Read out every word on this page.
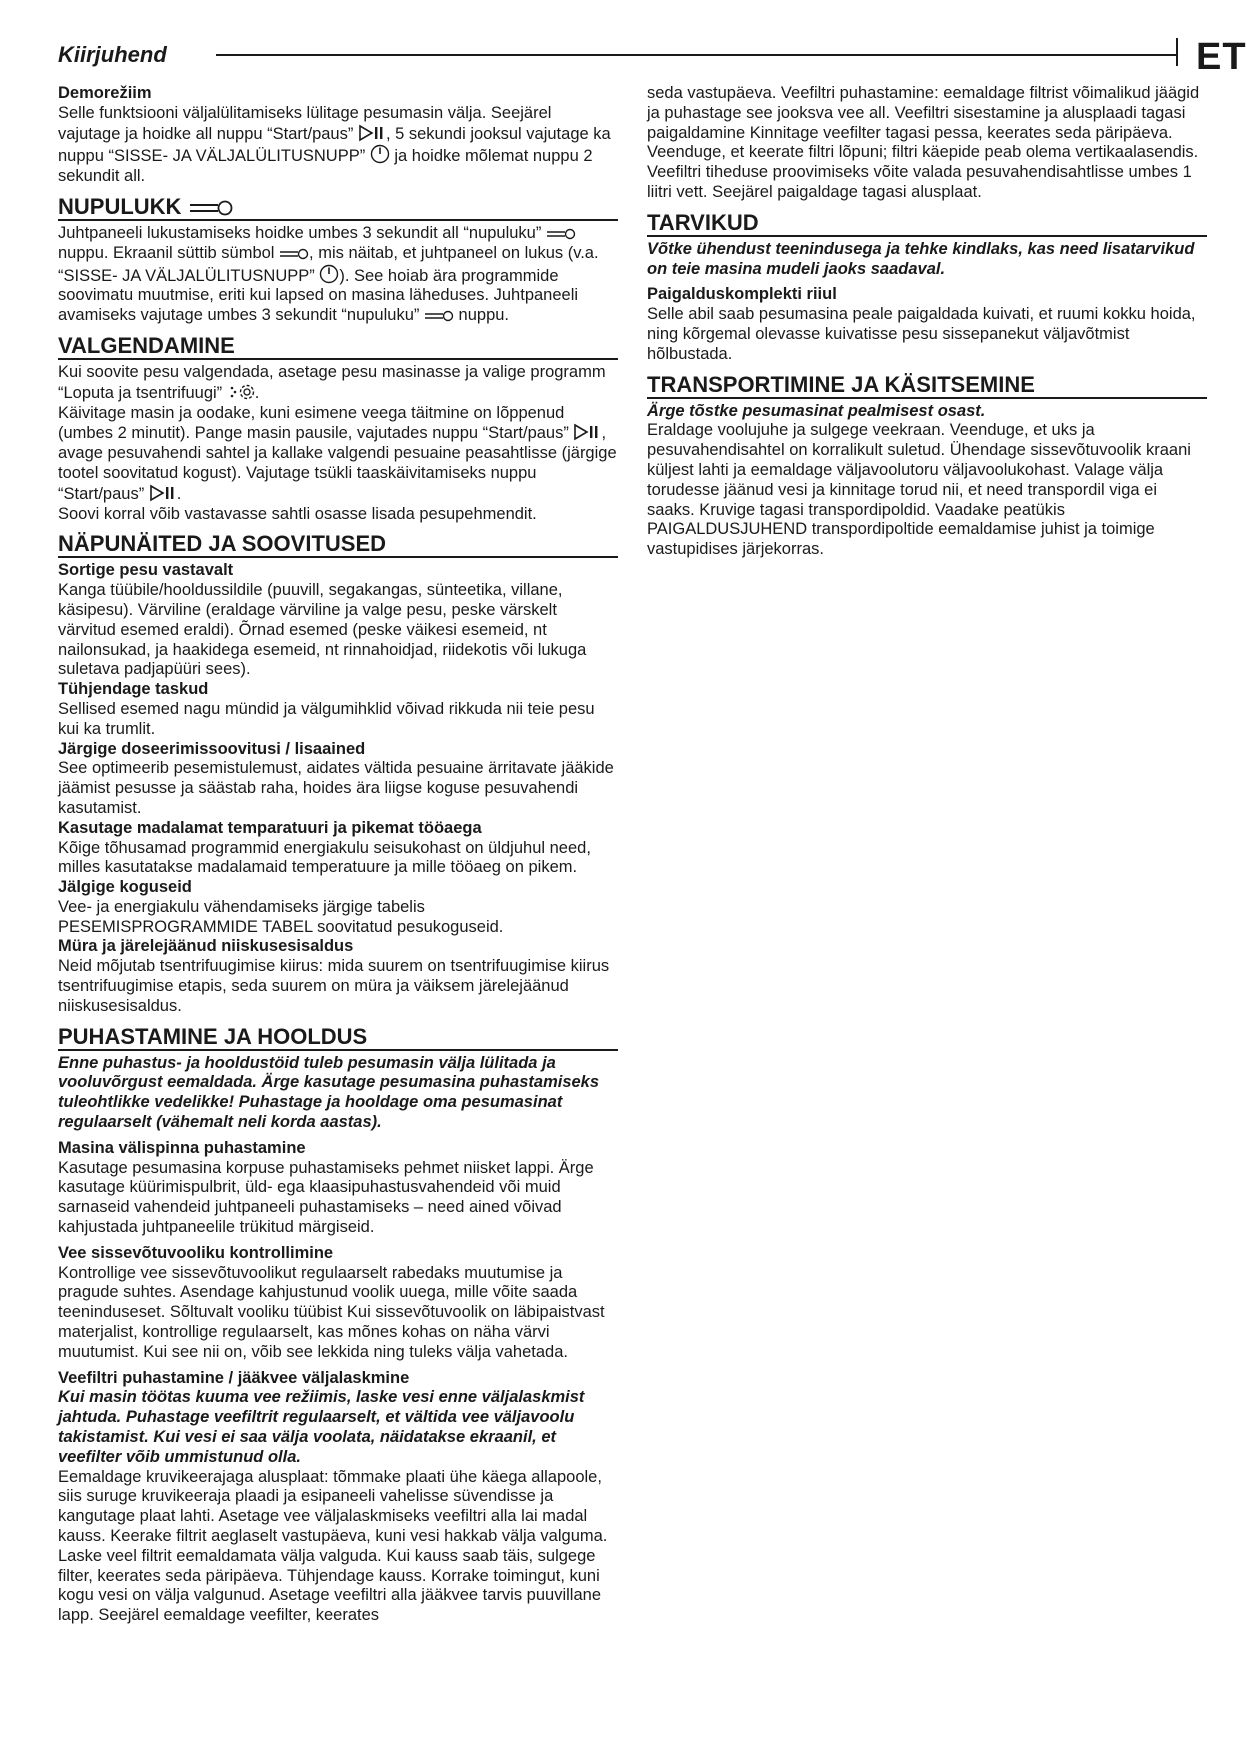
Kiirjuhend	ET

Demorežiim

Selle funktsiooni väljalülitamiseks lülitage pesumasin välja. Seejärel vajutage ja hoidke all nuppu “Start/paus” , 5 sekundi jooksul vajutage ka nuppu “SISSE- JA VÄLJALÜLITUSNUPP”  ja hoidke mõlemat nuppu 2 sekundit all.

NUPULUKK

Juhtpaneeli lukustamiseks hoidke umbes 3 sekundit all “nupuluku”  nuppu. Ekraanil süttib sümbol , mis näitab, et juhtpaneel on lukus (v.a. “SISSE- JA VÄLJALÜLITUSNUPP” ). See hoiab ära programmide soovimatu muutmise, eriti kui lapsed on masina läheduses. Juhtpaneeli avamiseks vajutage umbes 3 sekundit “nupuluku”  nuppu.

VALGENDAMINE

Kui soovite pesu valgendada, asetage pesu masinasse ja valige programm “Loputa ja tsentrifuugi” .

Käivitage masin ja oodake, kuni esimene veega täitmine on lõppenud (umbes 2 minutit). Pange masin pausile, vajutades nuppu “Start/paus” , avage pesuvahendi sahtel ja kallake valgendi pesuaine peasahtlisse (järgige tootel soovitatud kogust). Vajutage tsükli taaskäivitamiseks nuppu “Start/paus” .

Soovi korral võib vastavasse sahtli osasse lisada pesupehmendit.

NÄPUNÄITED JA SOOVITUSED

Sortige pesu vastavalt

Kanga tüübile/hooldussildile (puuvill, segakangas, sünteetika, villane, käsipesu). Värviline (eraldage värviline ja valge pesu, peske värskelt värvitud esemed eraldi). Õrnad esemed (peske väikesi esemeid, nt nailonsukad, ja haakidega esemeid, nt rinnahoidjad, riidekotis või lukuga suletava padjapüüri sees).

Tühjendage taskud

Sellised esemed nagu mündid ja välgumihklid võivad rikkuda nii teie pesu kui ka trumlit.

Järgige doseerimissoovitusi / lisaained

See optimeerib pesemistulemust, aidates vältida pesuaine ärritavate jääkide jäämist pesusse ja säästab raha, hoides ära liigse koguse pesuvahendi kasutamist.

Kasutage madalamat temparatuuri ja pikemat tööaega

Kõige tõhusamad programmid energiakulu seisukohast on üldjuhul need, milles kasutatakse madalamaid temperatuure ja mille tööaeg on pikem.

Jälgige koguseid

Vee- ja energiakulu vähendamiseks järgige tabelis PESEMISPROGRAMMIDE TABEL soovitatud pesukoguseid.

Müra ja järelejäänud niiskusesisaldus

Neid mõjutab tsentrifuugimise kiirus: mida suurem on tsentrifuugimise kiirus tsentrifuugimise etapis, seda suurem on müra ja väiksem järelejäänud niiskusesisaldus.

PUHASTAMINE JA HOOLDUS

Enne puhastus- ja hooldustöid tuleb pesumasin välja lülitada ja vooluvõrgust eemaldada. Ärge kasutage pesumasina puhastamiseks tuleohtlikke vedelikke! Puhastage ja hooldage oma pesumasinat regulaarselt (vähemalt neli korda aastas).

Masina välispinna puhastamine

Kasutage pesumasina korpuse puhastamiseks pehmet niisket lappi. Ärge kasutage küürimispulbrit, üld- ega klaasipuhastusvahendeid või muid sarnaseid vahendeid juhtpaneeli puhastamiseks – need ained võivad kahjustada juhtpaneelile trükitud märgiseid.

Vee sissevõtuvooliku kontrollimine

Kontrollige vee sissevõtuvoolikut regulaarselt rabedaks muutumise ja pragude suhtes. Asendage kahjustunud voolik uuega, mille võite saada teeninduseset. Sõltuvalt vooliku tüübist Kui sissevõtuvoolik on läbipaistvast materjalist, kontrollige regulaarselt, kas mõnes kohas on näha värvi muutumist. Kui see nii on, võib see lekkida ning tuleks välja vahetada.

Veefiltri puhastamine / jääkvee väljalaskmine

Kui masin töötas kuuma vee režiimis, laske vesi enne väljalaskmist jahtuda. Puhastage veefiltrit regulaarselt, et vältida vee väljavoolu takistamist. Kui vesi ei saa välja voolata, näidatakse ekraanil, et veefilter võib ummistunud olla.

Eemaldage kruvikeerajaga alusplaat: tõmmake plaati ühe käega allapoole, siis suruge kruvikeeraja plaadi ja esipaneeli vahelisse süvendisse ja kangutage plaat lahti. Asetage vee väljalaskmiseks veefiltri alla lai madal kauss. Keerake filtrit aeglaselt vastupäeva, kuni vesi hakkab välja valguma. Laske veel filtrit eemaldamata välja valguda. Kui kauss saab täis, sulgege filter, keerates seda päripäeva. Tühjendage kauss. Korrake toimingut, kuni kogu vesi on välja valgunud. Asetage veefiltri alla jääkvee tarvis puuvillane lapp. Seejärel eemaldage veefilter, keerates

seda vastupäeva. Veefiltri puhastamine: eemaldage filtrist võimalikud jäägid ja puhastage see jooksva vee all. Veefiltri sisestamine ja alusplaadi tagasi paigaldamine Kinnitage veefilter tagasi pessa, keerates seda päripäeva. Veenduge, et keerate filtri lõpuni; filtri käepide peab olema vertikaalasendis. Veefiltri tiheduse proovimiseks võite valada pesuvahendisahtlisse umbes 1 liitri vett. Seejärel paigaldage tagasi alusplaat.

TARVIKUD

Võtke ühendust teenindusega ja tehke kindlaks, kas need lisatarvikud on teie masina mudeli jaoks saadaval.

Paigalduskomplekti riiul

Selle abil saab pesumasina peale paigaldada kuivati, et ruumi kokku hoida, ning kõrgemal olevasse kuivatisse pesu sissepanekut väljavõtmist hõlbustada.

TRANSPORTIMINE JA KÄSITSEMINE

Ärge tõstke pesumasinat pealmisest osast.

Eraldage voolujuhe ja sulgege veekraan. Veenduge, et uks ja pesuvahendisahtel on korralikult suletud. Ühendage sissevõtuvoolik kraani küljest lahti ja eemaldage väljavoolutoru väljavoolukohast. Valage välja torudesse jäänud vesi ja kinnitage torud nii, et need transpordil viga ei saaks. Kruvige tagasi transpordipoldid. Vaadake peatükis PAIGALDUSJUHEND transpordipoltide eemaldamise juhist ja toimige vastupidises järjekorras.
